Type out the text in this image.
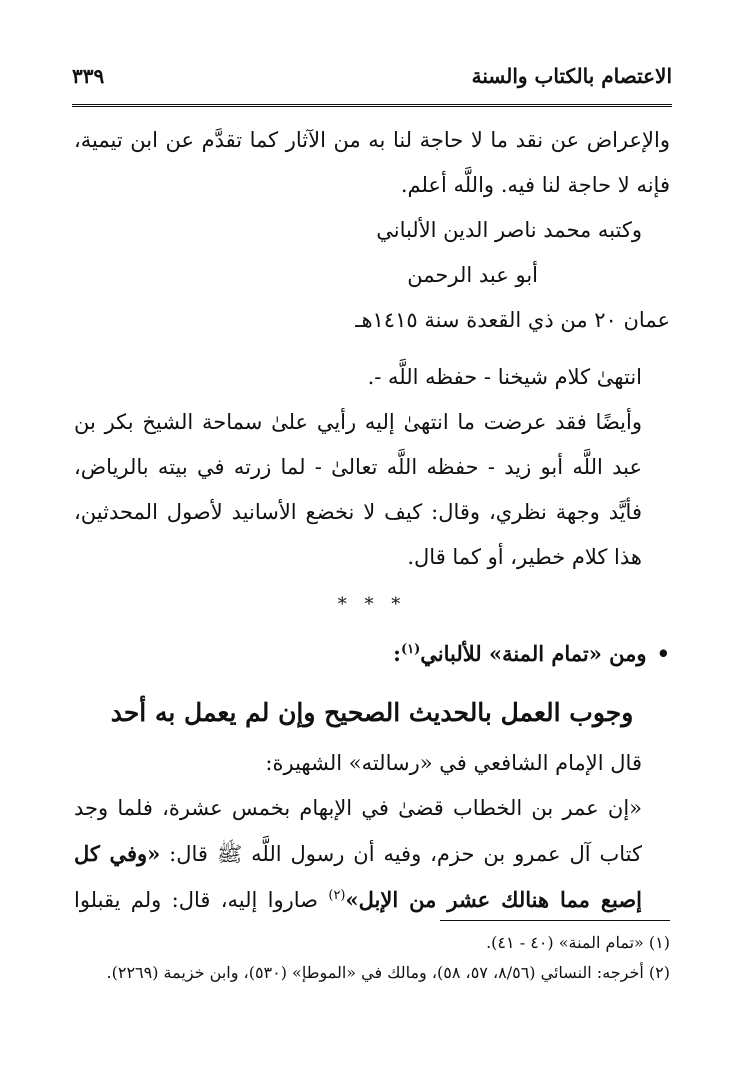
الاعتصام بالكتاب والسنة
٣٣٩

والإعراض عن نقد ما لا حاجة لنا به من الآثار كما تقدَّم عن ابن تيمية، فإنه لا حاجة لنا فيه. واللَّه أعلم.

وكتبه محمد ناصر الدين الألباني

أبو عبد الرحمن

عمان ٢٠ من ذي القعدة سنة ١٤١٥هـ

انتهىٰ كلام شيخنا - حفظه اللَّه -.

وأيضًا فقد عرضت ما انتهىٰ إليه رأيي علىٰ سماحة الشيخ بكر بن عبد اللَّه أبو زيد - حفظه اللَّه تعالىٰ - لما زرته في بيته بالرياض، فأيَّد وجهة نظري، وقال: كيف لا نخضع الأسانيد لأصول المحدثين، هذا كلام خطير، أو كما قال.

* * *

•ومن «تمام المنة» للألباني$^{(١)}$:

وجوب العمل بالحديث الصحيح وإن لم يعمل به أحد

قال الإمام الشافعي في «رسالته» الشهيرة:

«إن عمر بن الخطاب قضىٰ في الإبهام بخمس عشرة، فلما وجد كتاب آل عمرو بن حزم، وفيه أن رسول اللَّه ﷺ قال: «وفي كل إصبع مما هنالك عشر من الإبل»$^{(٢)}$ صاروا إليه، قال: ولم يقبلوا

(١) «تمام المنة» (٤٠ - ٤١).

(٢) أخرجه: النسائي (٨/٥٦، ٥٧، ٥٨)، ومالك في «الموطإ» (٥٣٠)، وابن خزيمة (٢٢٦٩).
